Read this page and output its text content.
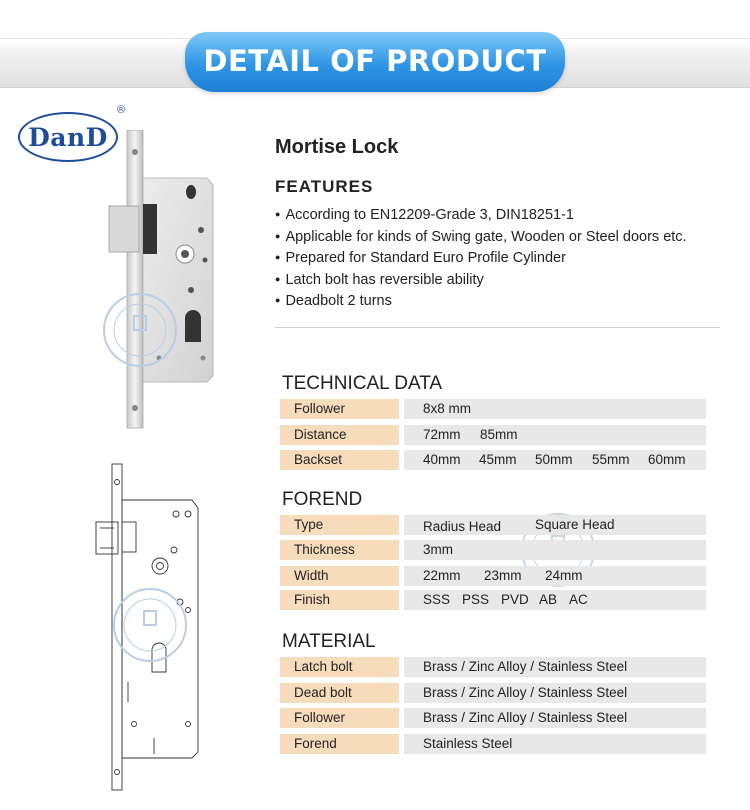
DETAIL OF PRODUCT
DanD
®
Mortise Lock
FEATURES
● According to EN12209-Grade 3, DIN18251-1
● Applicable for kinds of Swing gate, Wooden or Steel doors etc.
● Prepared for Standard Euro Profile Cylinder
● Latch bolt has reversible ability
● Deadbolt 2 turns
TECHNICAL DATA
Follower	8x8 mm
Distance	72mm 85mm
Backset	40mm 45mm 50mm 55mm 60mm
FOREND
Type	Radius Head	Square Head
Thickness	3mm
Width	22mm 23mm 24mm
Finish	SSS PSS PVD AB AC
MATERIAL
Latch bolt	Brass / Zinc Alloy / Stainless Steel
Dead bolt	Brass / Zinc Alloy / Stainless Steel
Follower	Brass / Zinc Alloy / Stainless Steel
Forend	Stainless Steel
